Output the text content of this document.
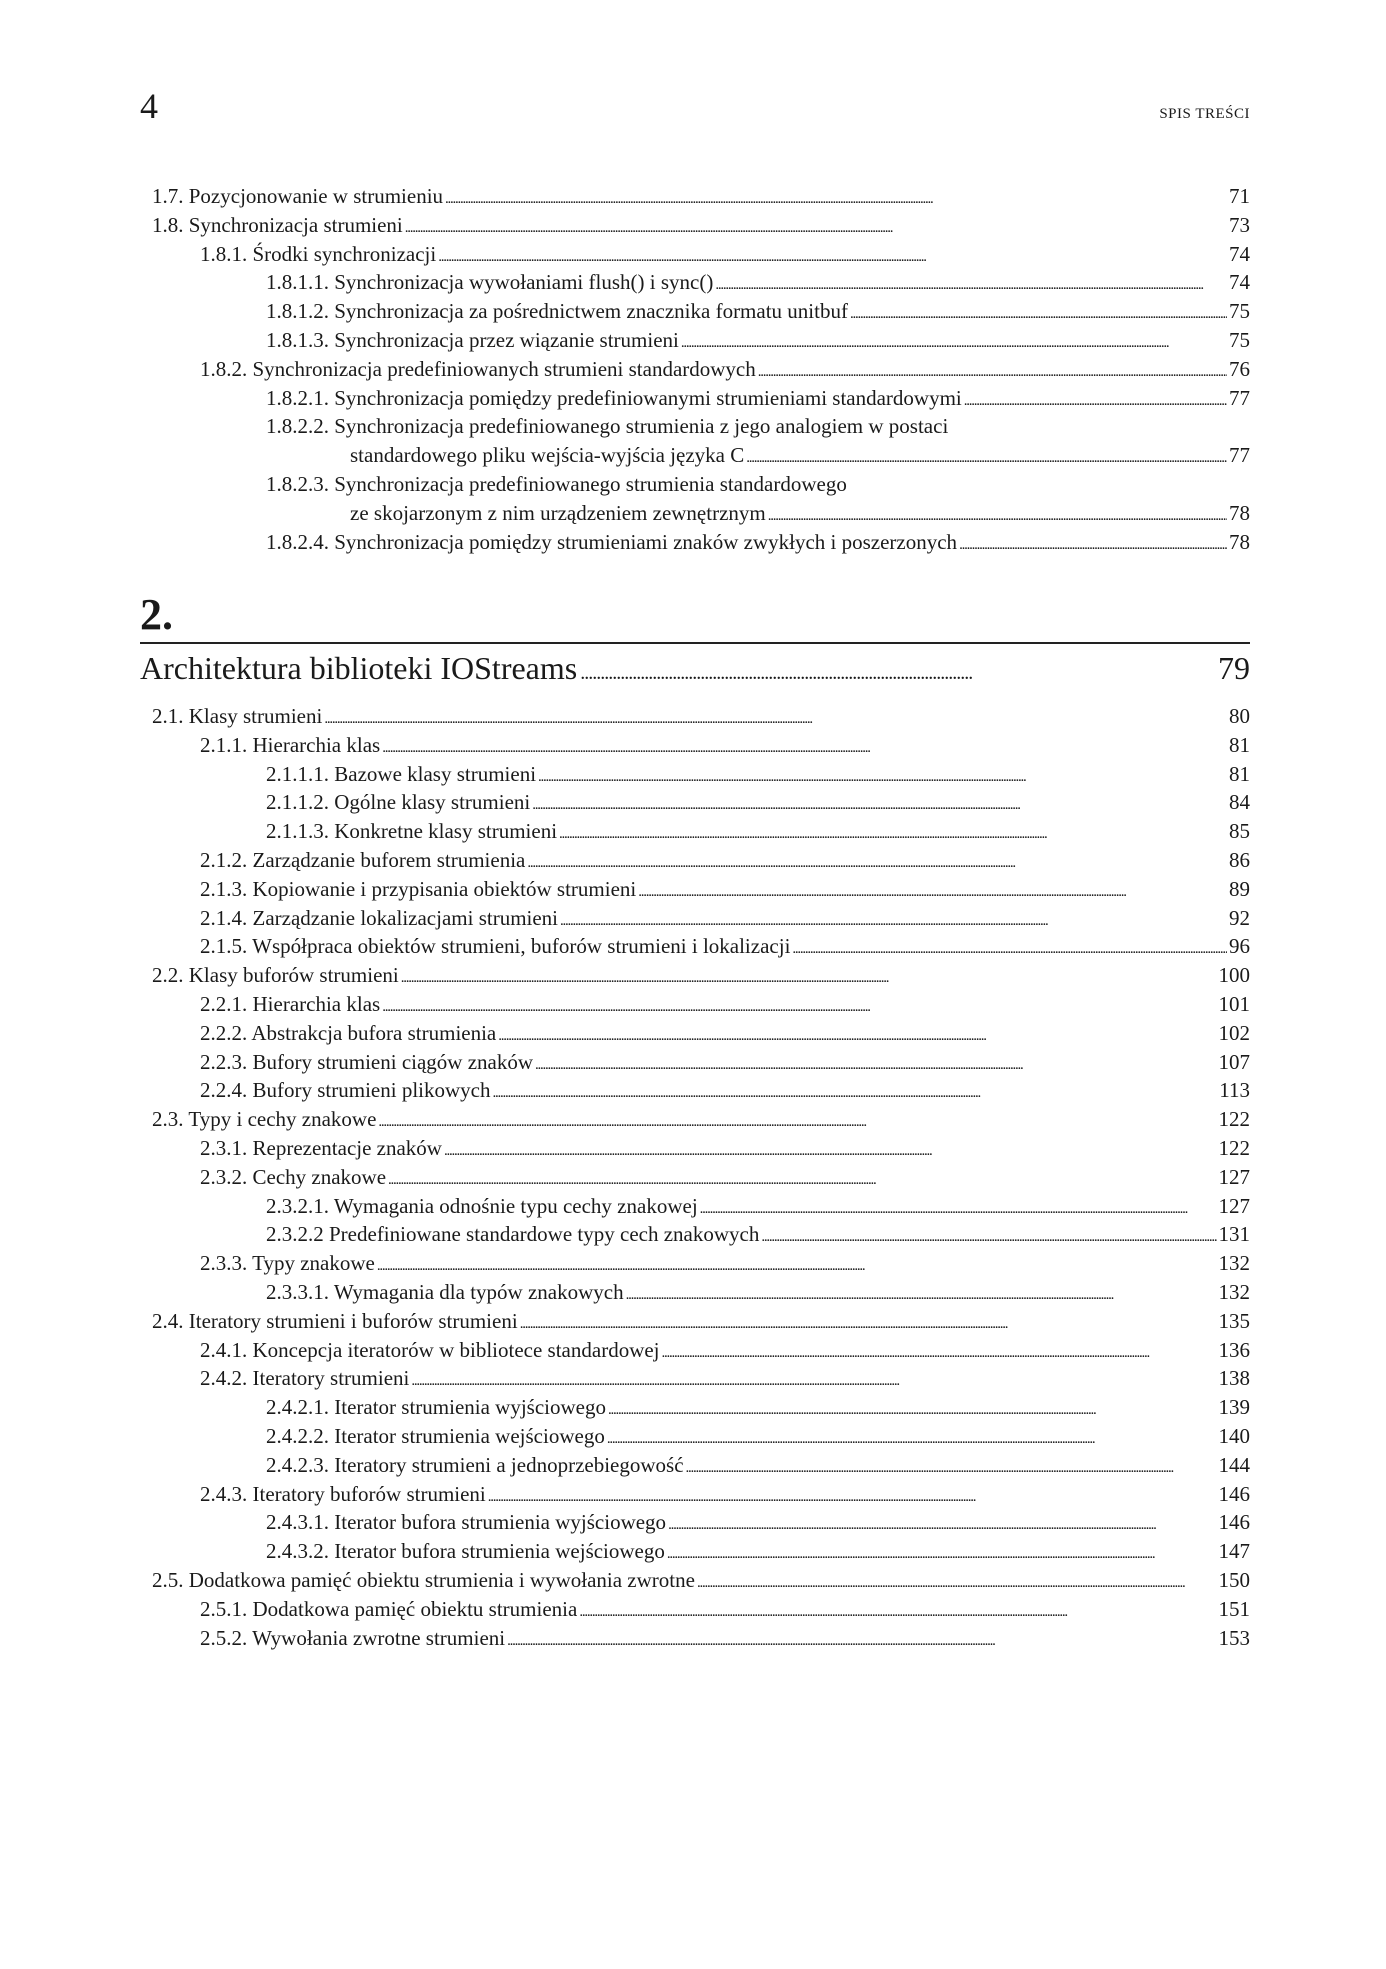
4	SPIS TREŚCI
1.7. Pozycjonowanie w strumieniu . . .	71
1.8. Synchronizacja strumieni . . .	73
1.8.1. Środki synchronizacji . . .	74
1.8.1.1. Synchronizacja wywołaniami flush() i sync() . . .	74
1.8.1.2. Synchronizacja za pośrednictwem znacznika formatu unitbuf . . .	75
1.8.1.3. Synchronizacja przez wiązanie strumieni . . .	75
1.8.2. Synchronizacja predefiniowanych strumieni standardowych . . .	76
1.8.2.1. Synchronizacja pomiędzy predefiniowanymi strumieniami standardowymi . . .	77
1.8.2.2. Synchronizacja predefiniowanego strumienia z jego analogiem w postaci
standardowego pliku wejścia-wyjścia języka C . . .	77
1.8.2.3. Synchronizacja predefiniowanego strumienia standardowego
ze skojarzonym z nim urządzeniem zewnętrznym . . .	78
1.8.2.4. Synchronizacja pomiędzy strumieniami znaków zwykłych i poszerzonych . . .	78
2.
Architektura biblioteki IOStreams . . .	79
2.1. Klasy strumieni . . .	80
2.1.1. Hierarchia klas . . .	81
2.1.1.1. Bazowe klasy strumieni . . .	81
2.1.1.2. Ogólne klasy strumieni . . .	84
2.1.1.3. Konkretne klasy strumieni . . .	85
2.1.2. Zarządzanie buforem strumienia . . .	86
2.1.3. Kopiowanie i przypisania obiektów strumieni . . .	89
2.1.4. Zarządzanie lokalizacjami strumieni . . .	92
2.1.5. Współpraca obiektów strumieni, buforów strumieni i lokalizacji . . .	96
2.2. Klasy buforów strumieni . . .	100
2.2.1. Hierarchia klas . . .	101
2.2.2. Abstrakcja bufora strumienia . . .	102
2.2.3. Bufory strumieni ciągów znaków . . .	107
2.2.4. Bufory strumieni plikowych . . .	113
2.3. Typy i cechy znakowe . . .	122
2.3.1. Reprezentacje znaków . . .	122
2.3.2. Cechy znakowe . . .	127
2.3.2.1. Wymagania odnośnie typu cechy znakowej . . .	127
2.3.2.2 Predefiniowane standardowe typy cech znakowych . . .	131
2.3.3. Typy znakowe . . .	132
2.3.3.1. Wymagania dla typów znakowych . . .	132
2.4. Iteratory strumieni i buforów strumieni . . .	135
2.4.1. Koncepcja iteratorów w bibliotece standardowej . . .	136
2.4.2. Iteratory strumieni . . .	138
2.4.2.1. Iterator strumienia wyjściowego . . .	139
2.4.2.2. Iterator strumienia wejściowego . . .	140
2.4.2.3. Iteratory strumieni a jednoprzebiegowość . . .	144
2.4.3. Iteratory buforów strumieni . . .	146
2.4.3.1. Iterator bufora strumienia wyjściowego . . .	146
2.4.3.2. Iterator bufora strumienia wejściowego . . .	147
2.5. Dodatkowa pamięć obiektu strumienia i wywołania zwrotne . . .	150
2.5.1. Dodatkowa pamięć obiektu strumienia . . .	151
2.5.2. Wywołania zwrotne strumieni . . .	153
